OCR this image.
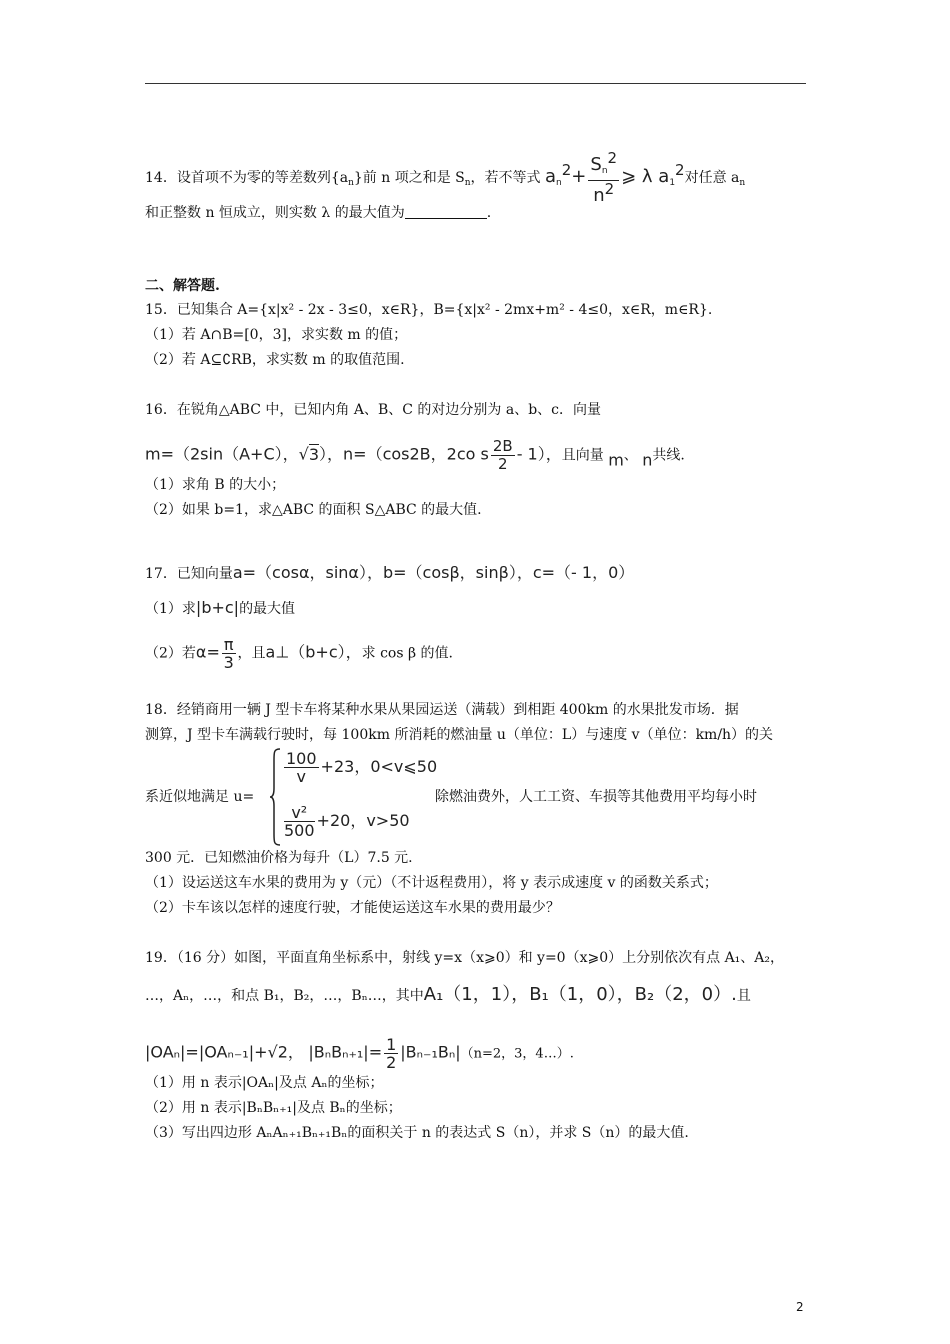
14．设首项不为零的等差数列$\{a_n\}$前 n 项之和是 $S_n$，若不等式 $a_n^2+ \frac{S_n^2}{n^2}$ ⩾ λ $a_1^2$对任意 $a_n$
和正整数 n 恒成立，则实数 λ 的最大值为	.
二、解答题.
15．已知集合 A={x|x² - 2x - 3≤0，x∈R}，B={x|x² - 2mx+m² - 4≤0，x∈R，m∈R}.
（1）若 A∩B=[0，3]，求实数 m 的值；
（2）若 A⊆∁RB，求实数 m 的取值范围.
16．在锐角△ABC 中，已知内角 A、B、C 的对边分别为 a、b、c．向量
m=（2sin（A+C），√3），n=（cos2B，2co s $\frac{2B}{2} - 1$），且向量 m、 n共线.
（1）求角 B 的大小；
（2）如果 b=1，求△ABC 的面积 S△ABC 的最大值.
17．已知向量a=（cosα，sinα），b=（cosβ，sinβ），c=（- 1，0）
（1）求|b+c|的最大值
（2）若$\alpha= \frac{\pi}{3}$ ，且a⊥（b+c），求 cos β 的值.
18．经销商用一辆 J 型卡车将某种水果从果园运送（满载）到相距 400km 的水果批发市场．据
测算，J 型卡车满载行驶时，每 100km 所消耗的燃油量 u（单位：L）与速度 v（单位：km/h）的关
系近似地满足 u=
$\frac{100}{v} +23$，0<v⩽50
$\frac{\text{v²}}{500} +20$，v>50
除燃油费外，人工工资、车损等其他费用平均每小时
300 元．已知燃油价格为每升（L）7.5 元.
（1）设运送这车水果的费用为 y（元）（不计返程费用），将 y 表示成速度 v 的函数关系式；
（2）卡车该以怎样的速度行驶，才能使运送这车水果的费用最少？
19．（16 分）如图，平面直角坐标系中，射线 y=x（x⩾0）和 y=0（x⩾0）上分别依次有点 A₁、A₂，
…，Aₙ，…，和点 B₁，B₂，…，Bₙ…，其中A₁（1，1），B₁（1，0），B₂（2，0）.且
|OAₙ|=|OAₙ₋₁|+√2， $|B_nB_{n+1}|= \frac{1}{2} |B_{n-1}B_n|(n=2$，3，4…）.
（1）用 n 表示|OAₙ|及点 Aₙ的坐标；
（2）用 n 表示|BₙBₙ₊₁|及点 Bₙ的坐标；
（3）写出四边形 AₙAₙ₊₁Bₙ₊₁Bₙ的面积关于 n 的表达式 S（n），并求 S（n）的最大值.
2
